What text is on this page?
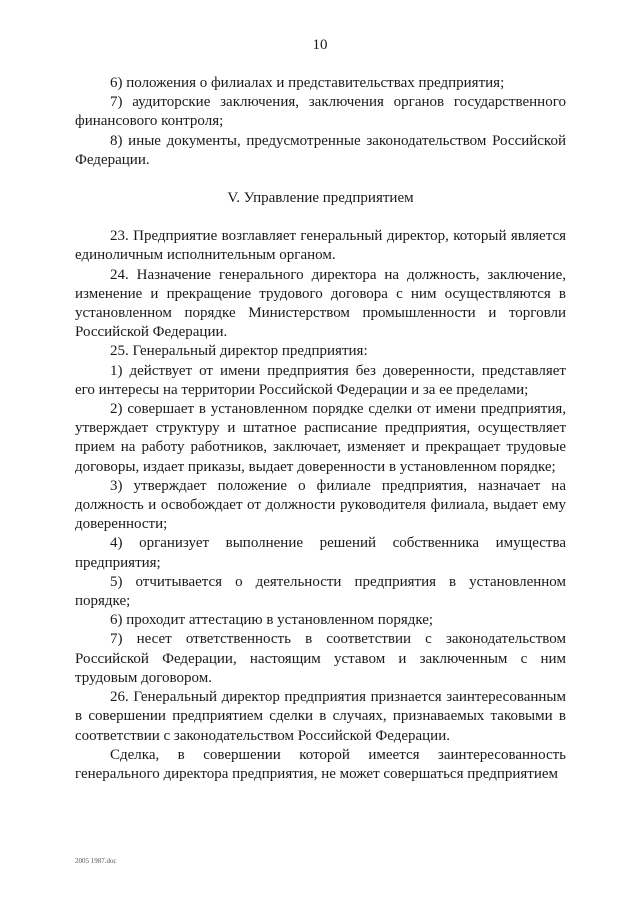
10

6) положения о филиалах и представительствах предприятия;

7) аудиторские заключения, заключения органов государственного финансового контроля;

8) иные документы, предусмотренные законодательством Российской Федерации.

V. Управление предприятием

23. Предприятие возглавляет генеральный директор, который является единоличным исполнительным органом.

24. Назначение генерального директора на должность, заключение, изменение и прекращение трудового договора с ним осуществляются в установленном порядке Министерством промышленности и торговли Российской Федерации.

25. Генеральный директор предприятия:

1) действует от имени предприятия без доверенности, представляет его интересы на территории Российской Федерации и за ее пределами;

2) совершает в установленном порядке сделки от имени предприятия, утверждает структуру и штатное расписание предприятия, осуществляет прием на работу работников, заключает, изменяет и прекращает трудовые договоры, издает приказы, выдает доверенности в установленном порядке;

3) утверждает положение о филиале предприятия, назначает на должность и освобождает от должности руководителя филиала, выдает ему доверенности;

4) организует выполнение решений собственника имущества предприятия;

5) отчитывается о деятельности предприятия в установленном порядке;

6) проходит аттестацию в установленном порядке;

7) несет ответственность в соответствии с законодательством Российской Федерации, настоящим уставом и заключенным с ним трудовым договором.

26. Генеральный директор предприятия признается заинтересованным в совершении предприятием сделки в случаях, признаваемых таковыми в соответствии с законодательством Российской Федерации.

Сделка, в совершении которой имеется заинтересованность генерального директора предприятия, не может совершаться предприятием

2005 1987.doc
